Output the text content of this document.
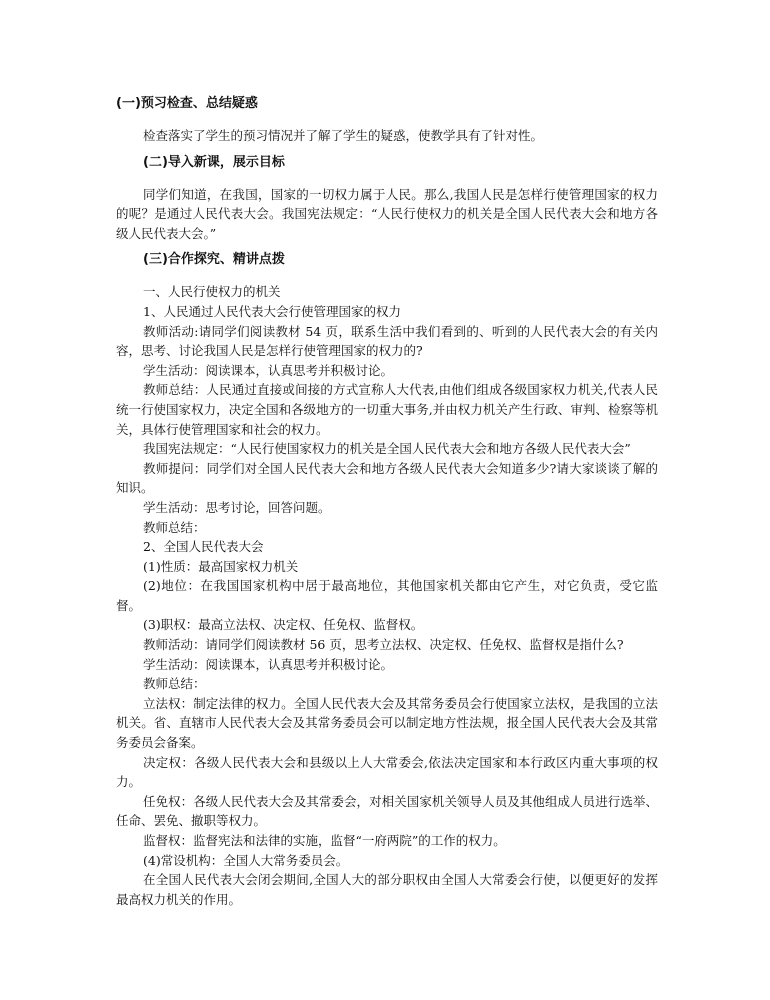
(一)预习检查、总结疑惑

检查落实了学生的预习情况并了解了学生的疑惑，使教学具有了针对性。

(二)导入新课，展示目标

同学们知道，在我国，国家的一切权力属于人民。那么,我国人民是怎样行使管理国家的权力的呢？是通过人民代表大会。我国宪法规定：“人民行使权力的机关是全国人民代表大会和地方各级人民代表大会。”

(三)合作探究、精讲点拨

一、人民行使权力的机关

1、人民通过人民代表大会行使管理国家的权力

教师活动:请同学们阅读教材 54 页，联系生活中我们看到的、听到的人民代表大会的有关内容，思考、讨论我国人民是怎样行使管理国家的权力的?

学生活动：阅读课本，认真思考并积极讨论。

教师总结：人民通过直接或间接的方式宣称人大代表,由他们组成各级国家权力机关,代表人民统一行使国家权力，决定全国和各级地方的一切重大事务,并由权力机关产生行政、审判、检察等机关，具体行使管理国家和社会的权力。

我国宪法规定：“人民行使国家权力的机关是全国人民代表大会和地方各级人民代表大会”

教师提问：同学们对全国人民代表大会和地方各级人民代表大会知道多少?请大家谈谈了解的知识。

学生活动：思考讨论，回答问题。

教师总结：

2、全国人民代表大会

(1)性质：最高国家权力机关

(2)地位：在我国国家机构中居于最高地位，其他国家机关都由它产生，对它负责，受它监督。

(3)职权：最高立法权、决定权、任免权、监督权。

教师活动：请同学们阅读教材 56 页，思考立法权、决定权、任免权、监督权是指什么?

学生活动：阅读课本，认真思考并积极讨论。

教师总结：

立法权：制定法律的权力。全国人民代表大会及其常务委员会行使国家立法权，是我国的立法机关。省、直辖市人民代表大会及其常务委员会可以制定地方性法规，报全国人民代表大会及其常务委员会备案。

决定权：各级人民代表大会和县级以上人大常委会,依法决定国家和本行政区内重大事项的权力。

任免权：各级人民代表大会及其常委会，对相关国家机关领导人员及其他组成人员进行选举、任命、罢免、撤职等权力。

监督权：监督宪法和法律的实施，监督“一府两院”的工作的权力。

(4)常设机构：全国人大常务委员会。

在全国人民代表大会闭会期间,全国人大的部分职权由全国人大常委会行使，以便更好的发挥最高权力机关的作用。
